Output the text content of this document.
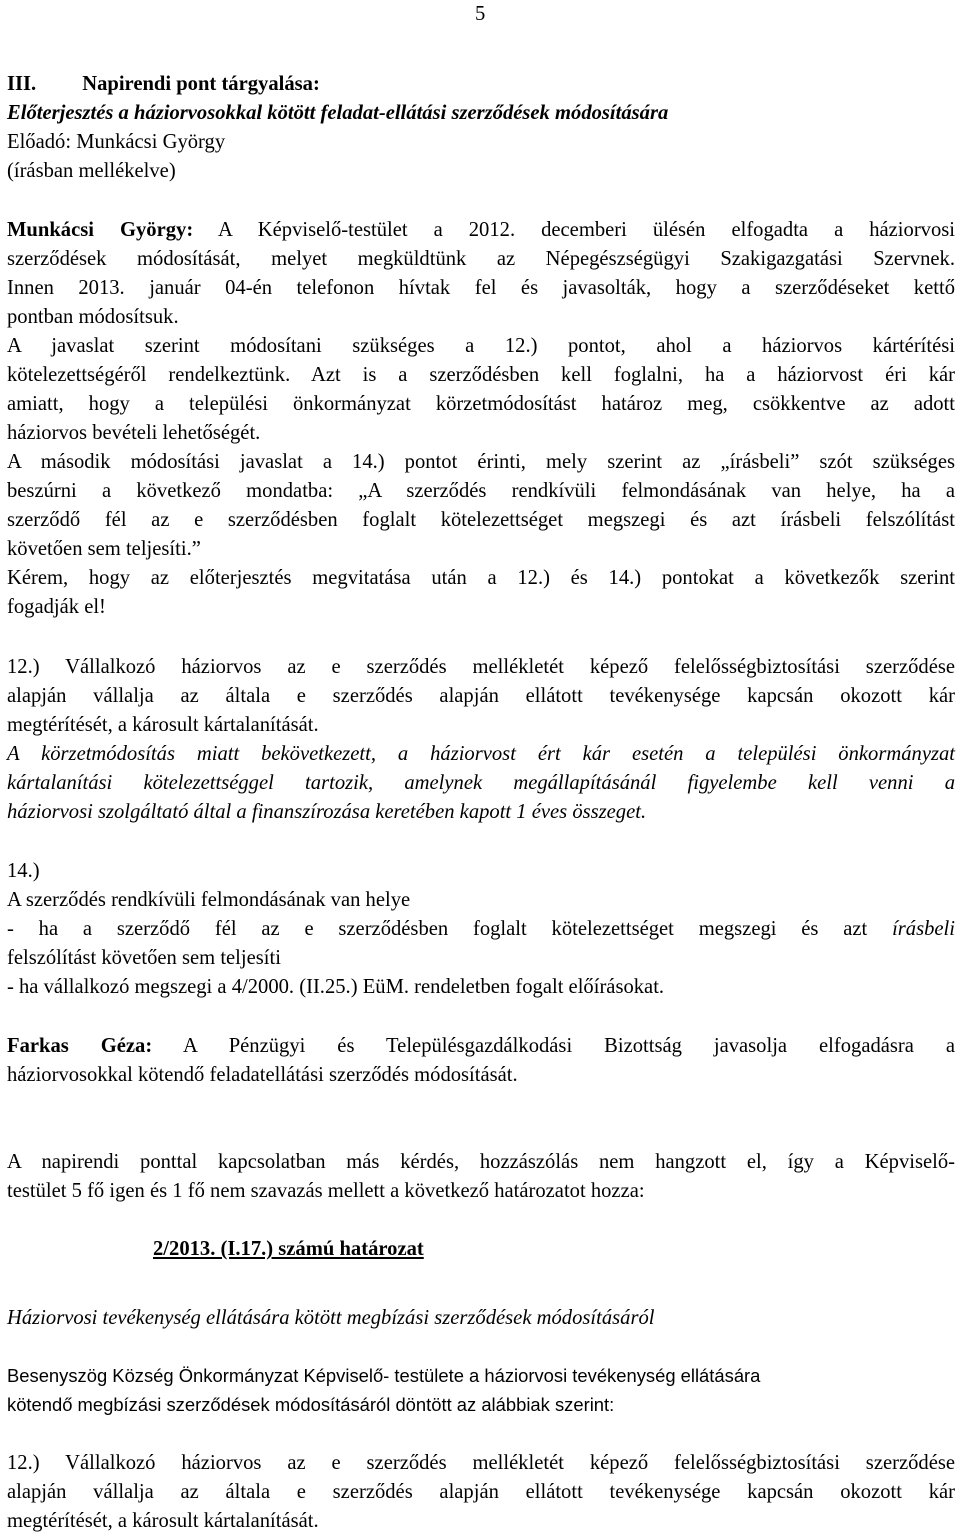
5
III. Napirendi pont tárgyalása:
Előterjesztés a háziorvosokkal kötött feladat-ellátási szerződések módosítására
Előadó: Munkácsi György
(írásban mellékelve)
Munkácsi György: A Képviselő-testület a 2012. decemberi ülésén elfogadta a háziorvosi
szerződések módosítását, melyet megküldtünk az Népegészségügyi Szakigazgatási Szervnek.
Innen 2013. január 04-én telefonon hívtak fel és javasolták, hogy a szerződéseket kettő
pontban módosítsuk.
A javaslat szerint módosítani szükséges a 12.) pontot, ahol a háziorvos kártérítési
kötelezettségéről rendelkeztünk. Azt is a szerződésben kell foglalni, ha a háziorvost éri kár
amiatt, hogy a települési önkormányzat körzetmódosítást határoz meg, csökkentve az adott
háziorvos bevételi lehetőségét.
A második módosítási javaslat a 14.) pontot érinti, mely szerint az „írásbeli” szót szükséges
beszúrni a következő mondatba: „A szerződés rendkívüli felmondásának van helye, ha a
szerződő fél az e szerződésben foglalt kötelezettséget megszegi és azt írásbeli felszólítást
követően sem teljesíti.”
Kérem, hogy az előterjesztés megvitatása után a 12.) és 14.) pontokat a következők szerint
fogadják el!
12.) Vállalkozó háziorvos az e szerződés mellékletét képező felelősségbiztosítási szerződése
alapján vállalja az általa e szerződés alapján ellátott tevékenysége kapcsán okozott kár
megtérítését, a károsult kártalanítását.
A körzetmódosítás miatt bekövetkezett, a háziorvost ért kár esetén a települési önkormányzat
kártalanítási kötelezettséggel tartozik, amelynek megállapításánál figyelembe kell venni a
háziorvosi szolgáltató által a finanszírozása keretében kapott 1 éves összeget.
14.)
A szerződés rendkívüli felmondásának van helye
- ha a szerződő fél az e szerződésben foglalt kötelezettséget megszegi és azt írásbeli
felszólítást követően sem teljesíti
- ha vállalkozó megszegi a 4/2000. (II.25.) EüM. rendeletben fogalt előírásokat.
Farkas Géza: A Pénzügyi és Településgazdálkodási Bizottság javasolja elfogadásra a
háziorvosokkal kötendő feladatellátási szerződés módosítását.
A napirendi ponttal kapcsolatban más kérdés, hozzászólás nem hangzott el, így a Képviselő-
testület 5 fő igen és 1 fő nem szavazás mellett a következő határozatot hozza:
2/2013. (I.17.) számú határozat
Háziorvosi tevékenység ellátására kötött megbízási szerződések módosításáról
Besenyszög Község Önkormányzat Képviselő- testülete a háziorvosi tevékenység ellátására
kötendő megbízási szerződések módosításáról döntött az alábbiak szerint:
12.) Vállalkozó háziorvos az e szerződés mellékletét képező felelősségbiztosítási szerződése
alapján vállalja az általa e szerződés alapján ellátott tevékenysége kapcsán okozott kár
megtérítését, a károsult kártalanítását.
